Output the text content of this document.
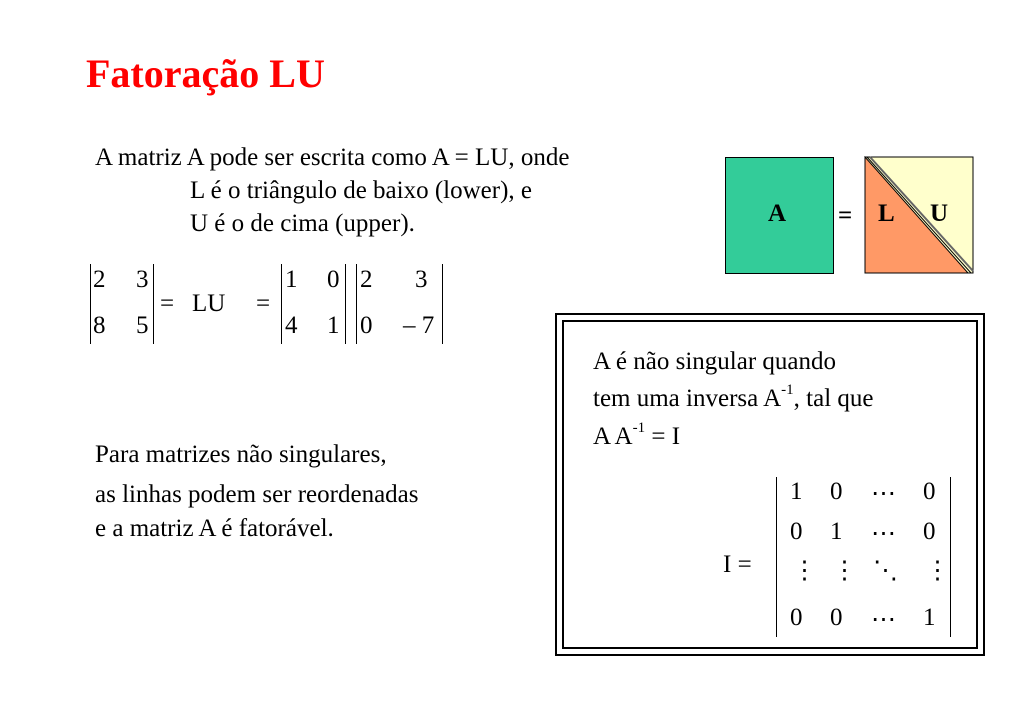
Fatoração LU
A matriz A pode ser escrita como A = LU, onde
L é o triângulo de baixo (lower), e
U é o de cima (upper).	A = L U
2 3
8 5
= LU =
1 0
4 1
2 3
0 – 7
Para matrizes não singulares,
as linhas podem ser reordenadas
e a matriz A é fatorável.
A é não singular quando
tem uma inversa $A^{-1}$, tal que
A $A^{-1} = I$
I =
1 0 ⋯ 0
0 1 ⋯ 0
⋮ ⋮ ⋱ ⋮
0 0 ⋯ 1
